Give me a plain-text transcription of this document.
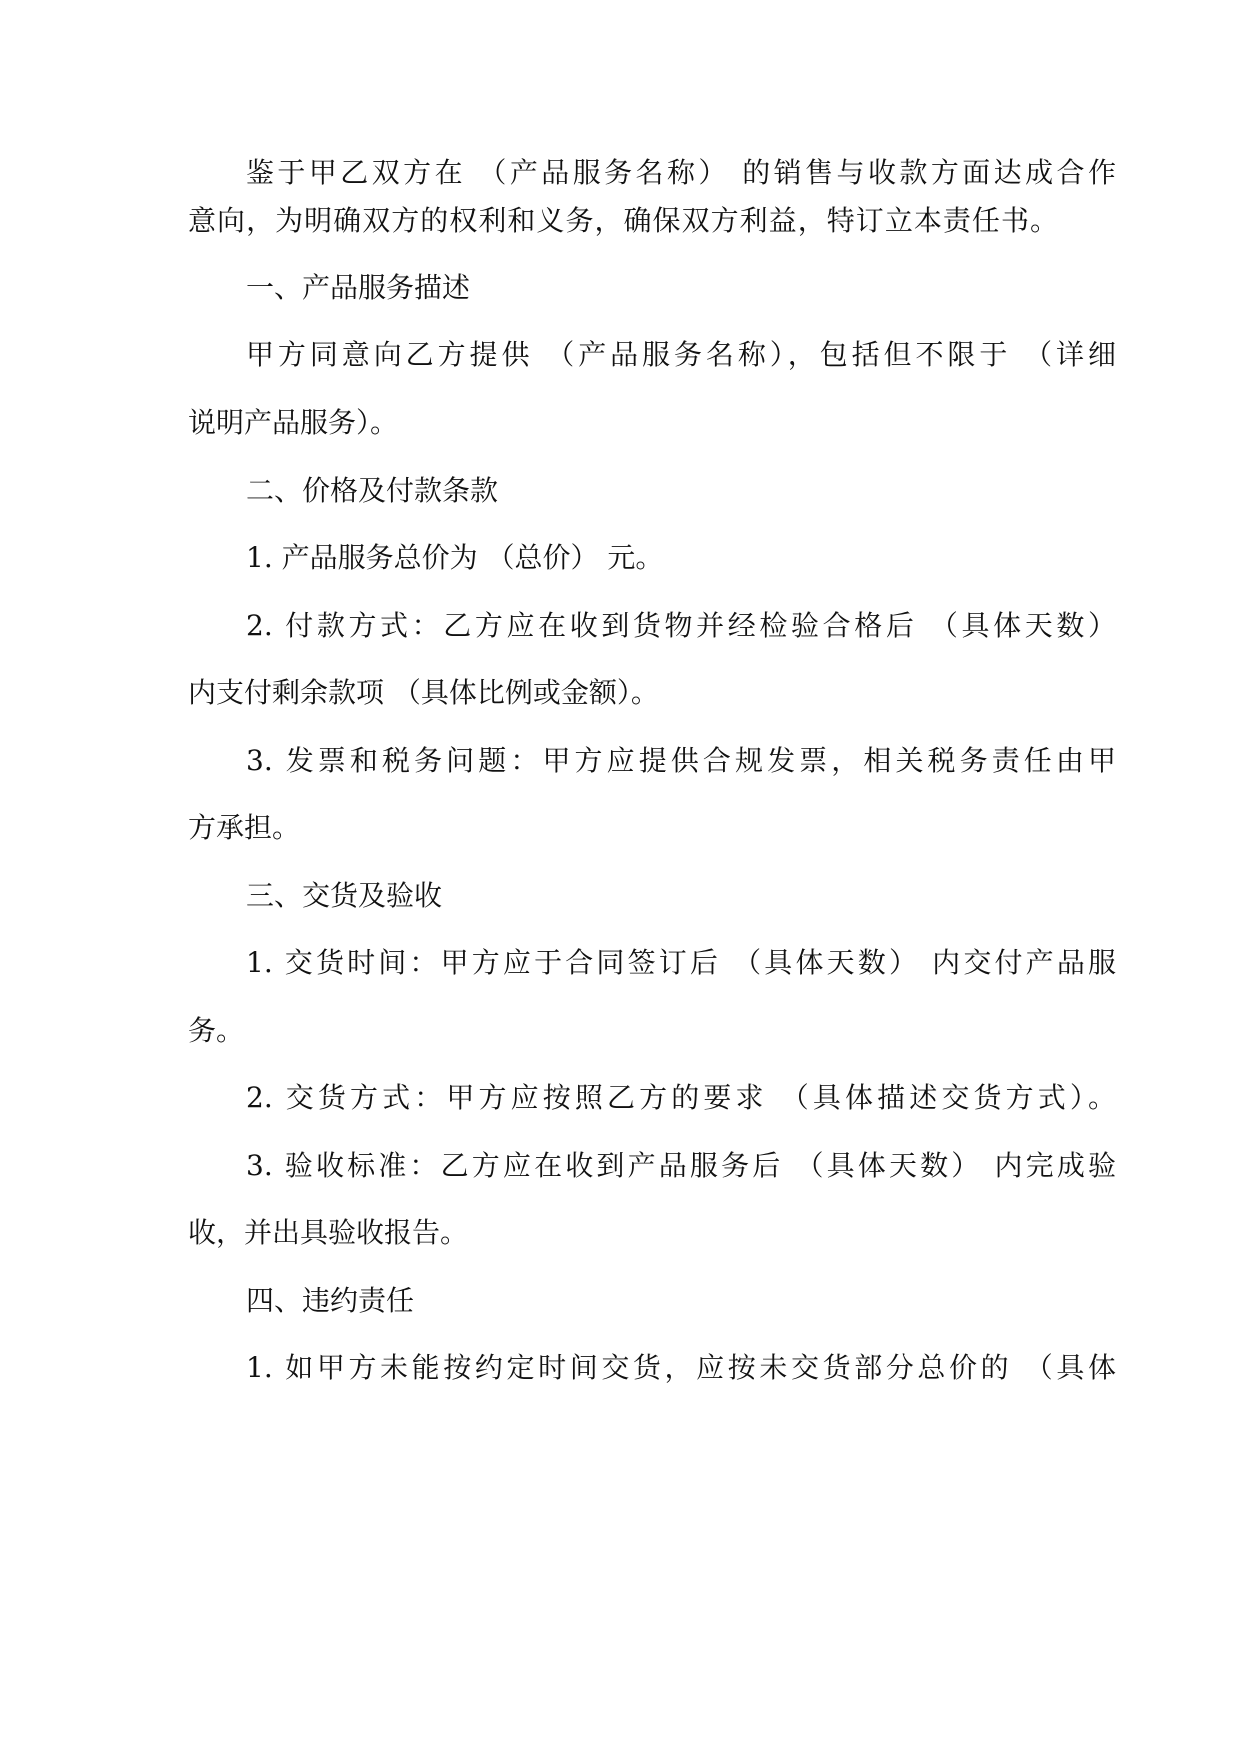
鉴于甲乙双方在 （产品服务名称） 的销售与收款方面达成合作
意向，为明确双方的权利和义务，确保双方利益，特订立本责任书。
一、产品服务描述
甲方同意向乙方提供 （产品服务名称），包括但不限于 （详细
说明产品服务）。
二、价格及付款条款
1. 产品服务总价为 （总价） 元。
2. 付款方式：乙方应在收到货物并经检验合格后 （具体天数）
内支付剩余款项 （具体比例或金额）。
3. 发票和税务问题：甲方应提供合规发票，相关税务责任由甲
方承担。
三、交货及验收
1. 交货时间：甲方应于合同签订后 （具体天数） 内交付产品服
务。
2. 交货方式：甲方应按照乙方的要求 （具体描述交货方式）。
3. 验收标准：乙方应在收到产品服务后 （具体天数） 内完成验
收，并出具验收报告。
四、违约责任
1. 如甲方未能按约定时间交货，应按未交货部分总价的 （具体
